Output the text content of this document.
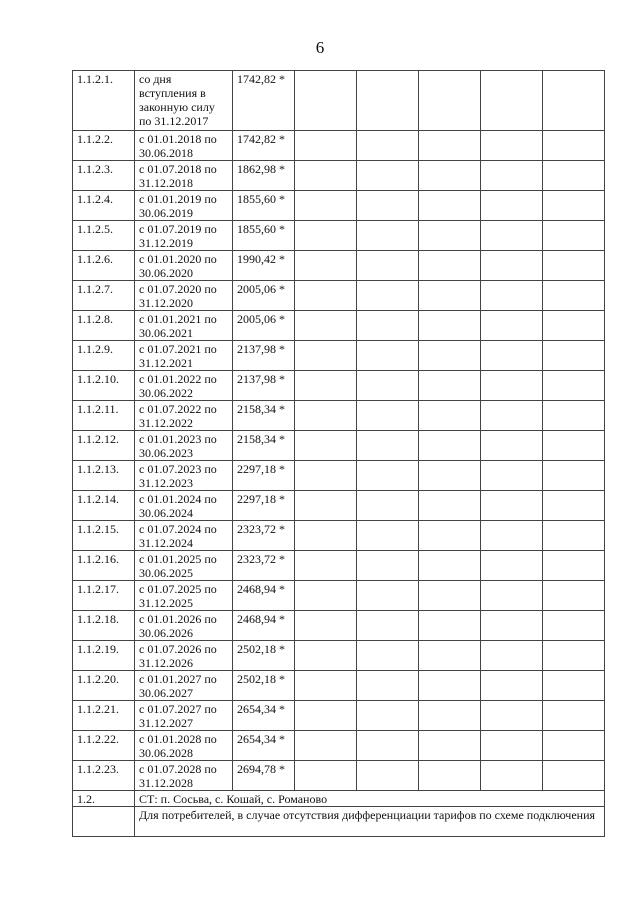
6
1.1.2.1.	со дня вступления в законную силу по 31.12.2017	1742,82 *					
1.1.2.2.	с 01.01.2018 по 30.06.2018	1742,82 *					
1.1.2.3.	с 01.07.2018 по 31.12.2018	1862,98 *					
1.1.2.4.	с 01.01.2019 по 30.06.2019	1855,60 *					
1.1.2.5.	с 01.07.2019 по 31.12.2019	1855,60 *					
1.1.2.6.	с 01.01.2020 по 30.06.2020	1990,42 *					
1.1.2.7.	с 01.07.2020 по 31.12.2020	2005,06 *					
1.1.2.8.	с 01.01.2021 по 30.06.2021	2005,06 *					
1.1.2.9.	с 01.07.2021 по 31.12.2021	2137,98 *					
1.1.2.10.	с 01.01.2022 по 30.06.2022	2137,98 *					
1.1.2.11.	с 01.07.2022 по 31.12.2022	2158,34 *					
1.1.2.12.	с 01.01.2023 по 30.06.2023	2158,34 *					
1.1.2.13.	с 01.07.2023 по 31.12.2023	2297,18 *					
1.1.2.14.	с 01.01.2024 по 30.06.2024	2297,18 *					
1.1.2.15.	с 01.07.2024 по 31.12.2024	2323,72 *					
1.1.2.16.	с 01.01.2025 по 30.06.2025	2323,72 *					
1.1.2.17.	с 01.07.2025 по 31.12.2025	2468,94 *					
1.1.2.18.	с 01.01.2026 по 30.06.2026	2468,94 *					
1.1.2.19.	с 01.07.2026 по 31.12.2026	2502,18 *					
1.1.2.20.	с 01.01.2027 по 30.06.2027	2502,18 *					
1.1.2.21.	с 01.07.2027 по 31.12.2027	2654,34 *					
1.1.2.22.	с 01.01.2028 по 30.06.2028	2654,34 *					
1.1.2.23.	с 01.07.2028 по 31.12.2028	2694,78 *					
1.2.	СТ: п. Сосьва, с. Кошай, с. Романово						
	Для потребителей, в случае отсутствия дифференциации тарифов по схеме подключения						
